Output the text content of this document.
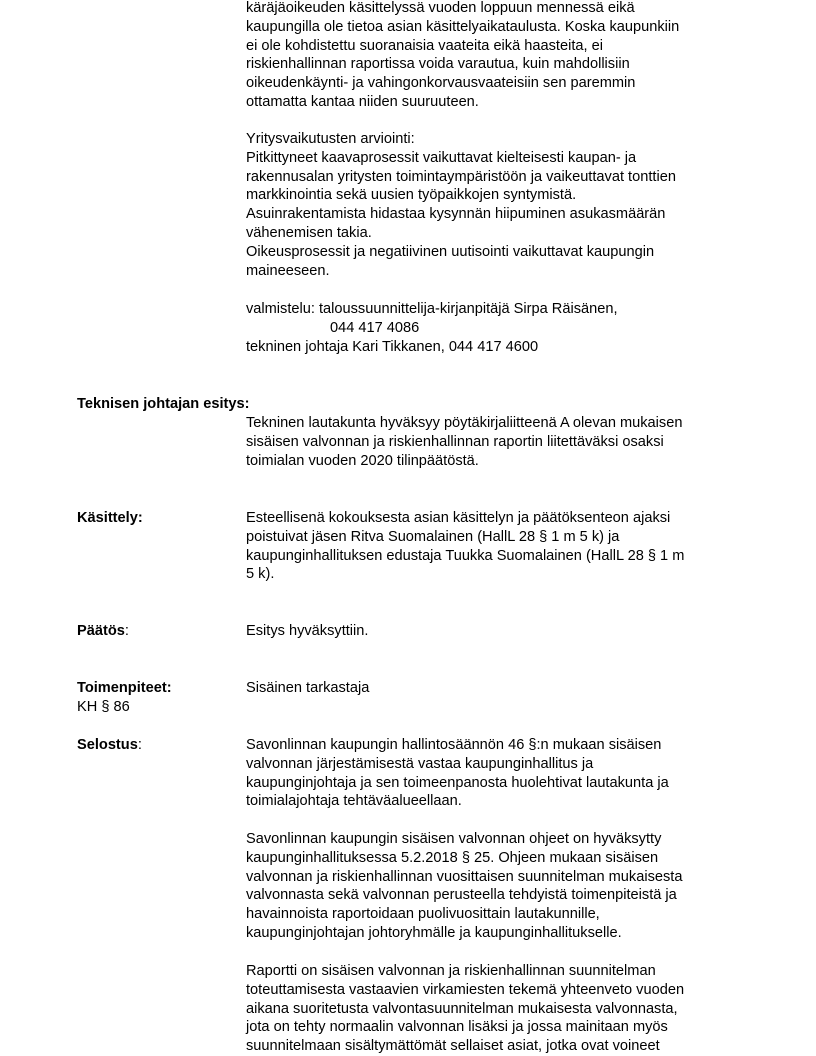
käräjäoikeuden käsittelyssä vuoden loppuun mennessä eikä
kaupungilla ole tietoa asian käsittelyaikataulusta. Koska kaupunkiin
ei ole kohdistettu suoranaisia vaateita eikä haasteita, ei
riskienhallinnan raportissa voida varautua, kuin mahdollisiin
oikeudenkäynti- ja vahingonkorvausvaateisiin sen paremmin
ottamatta kantaa niiden suuruuteen.
Yritysvaikutusten arviointi:
Pitkittyneet kaavaprosessit vaikuttavat kielteisesti kaupan- ja
rakennusalan yritysten toimintaympäristöön ja vaikeuttavat tonttien
markkinointia sekä uusien työpaikkojen syntymistä.
Asuinrakentamista hidastaa kysynnän hiipuminen asukasmäärän
vähenemisen takia.
Oikeusprosessit ja negatiivinen uutisointi vaikuttavat kaupungin
maineeseen.
valmistelu: taloussuunnittelija-kirjanpitäjä Sirpa Räisänen,
044 417 4086
tekninen johtaja Kari Tikkanen, 044 417 4600
Teknisen johtajan esitys:
Tekninen lautakunta hyväksyy pöytäkirjaliitteenä A olevan mukaisen
sisäisen valvonnan ja riskienhallinnan raportin liitettäväksi osaksi
toimialan vuoden 2020 tilinpäätöstä.
Käsittely:	Esteellisenä kokouksesta asian käsittelyn ja päätöksenteon ajaksi
poistuivat jäsen Ritva Suomalainen (HallL 28 § 1 m 5 k) ja
kaupunginhallituksen edustaja Tuukka Suomalainen (HallL 28 § 1 m
5 k).
Päätös:	Esitys hyväksyttiin.
Toimenpiteet:	Sisäinen tarkastaja
KH § 86
Selostus:	Savonlinnan kaupungin hallintosäännön 46 §:n mukaan sisäisen
valvonnan järjestämisestä vastaa kaupunginhallitus ja
kaupunginjohtaja ja sen toimeenpanosta huolehtivat lautakunta ja
toimialajohtaja tehtäväalueellaan.
Savonlinnan kaupungin sisäisen valvonnan ohjeet on hyväksytty
kaupunginhallituksessa 5.2.2018 § 25. Ohjeen mukaan sisäisen
valvonnan ja riskienhallinnan vuosittaisen suunnitelman mukaisesta
valvonnasta sekä valvonnan perusteella tehdyistä toimenpiteistä ja
havainnoista raportoidaan puolivuosittain lautakunnille,
kaupunginjohtajan johtoryhmälle ja kaupunginhallitukselle.
Raportti on sisäisen valvonnan ja riskienhallinnan suunnitelman
toteuttamisesta vastaavien virkamiesten tekemä yhteenveto vuoden
aikana suoritetusta valvontasuunnitelman mukaisesta valvonnasta,
jota on tehty normaalin valvonnan lisäksi ja jossa mainitaan myös
suunnitelmaan sisältymättömät sellaiset asiat, jotka ovat voineet
